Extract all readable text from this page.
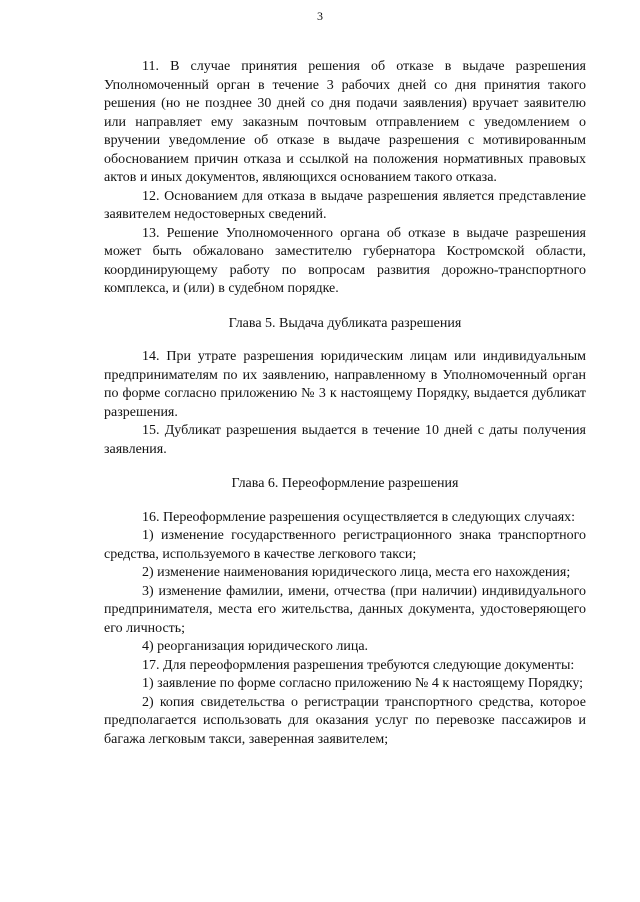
3

11. В случае принятия решения об отказе в выдаче разрешения Уполномоченный орган в течение 3 рабочих дней со дня принятия такого решения (но не позднее 30 дней со дня подачи заявления) вручает заявителю или направляет ему заказным почтовым отправлением с уведомлением о вручении уведомление об отказе в выдаче разрешения с мотивированным обоснованием причин отказа и ссылкой на положения нормативных правовых актов и иных документов, являющихся основанием такого отказа.

12. Основанием для отказа в выдаче разрешения является представление заявителем недостоверных сведений.

13. Решение Уполномоченного органа об отказе в выдаче разрешения может быть обжаловано заместителю губернатора Костромской области, координирующему работу по вопросам развития дорожно-транспортного комплекса, и (или) в судебном порядке.

Глава 5. Выдача дубликата разрешения

14. При утрате разрешения юридическим лицам или индивидуальным предпринимателям по их заявлению, направленному в Уполномоченный орган по форме согласно приложению № 3 к настоящему Порядку, выдается дубликат разрешения.

15. Дубликат разрешения выдается в течение 10 дней с даты получения заявления.

Глава 6. Переоформление разрешения

16. Переоформление разрешения осуществляется в следующих случаях:

1) изменение государственного регистрационного знака транспортного средства, используемого в качестве легкового такси;

2) изменение наименования юридического лица, места его нахождения;

3) изменение фамилии, имени, отчества (при наличии) индивидуального предпринимателя, места его жительства, данных документа, удостоверяющего его личность;

4) реорганизация юридического лица.

17. Для переоформления разрешения требуются следующие документы:

1) заявление по форме согласно приложению № 4 к настоящему Порядку;

2) копия свидетельства о регистрации транспортного средства, которое предполагается использовать для оказания услуг по перевозке пассажиров и багажа легковым такси, заверенная заявителем;
